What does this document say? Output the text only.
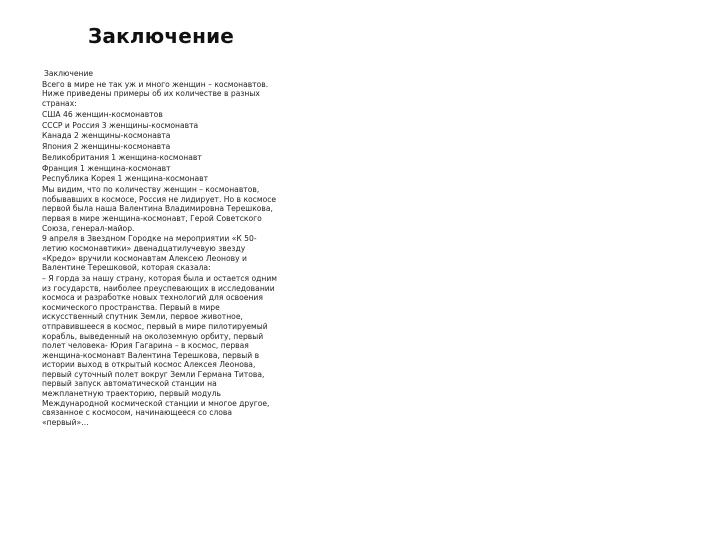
Заключение

Заключение

Всего в мире не так уж и много женщин – космонавтов. Ниже приведены примеры об их количестве в разных странах:

США 46 женщин-космонавтов

СССР и Россия 3 женщины-космонавта

Канада 2 женщины-космонавта

Япония 2 женщины-космонавта

Великобритания 1 женщина-космонавт

Франция 1 женщина-космонавт

Республика Корея 1 женщина-космонавт

Мы видим, что по количеству женщин – космонавтов, побывавших в космосе, Россия не лидирует. Но в космосе первой была наша Валентина Владимировна Терешкова, первая в мире женщина-космонавт, Герой Советского Союза, генерал-майор.

9 апреля в Звездном Городке на мероприятии «К 50- летию космонавтики» двенадцатилучевую звезду «Кредо» вручили космонавтам Алексею Леонову и Валентине Терешковой, которая сказала:

– Я горда за нашу страну, которая была и остается одним из государств, наиболее преуспевающих в исследовании космоса и разработке новых технологий для освоения космического пространства. Первый в мире искусственный спутник Земли, первое животное, отправившееся в космос, первый в мире пилотируемый корабль, выведенный на околоземную орбиту, первый полет человека- Юрия Гагарина – в космос, первая женщина-космонавт Валентина Терешкова, первый в истории выход в открытый космос Алексея Леонова, первый суточный полет вокруг Земли Германа Титова, первый запуск автоматической станции на межпланетную траекторию, первый модуль Международной космической станции и многое другое, связанное с космосом, начинающееся со слова «первый»…
